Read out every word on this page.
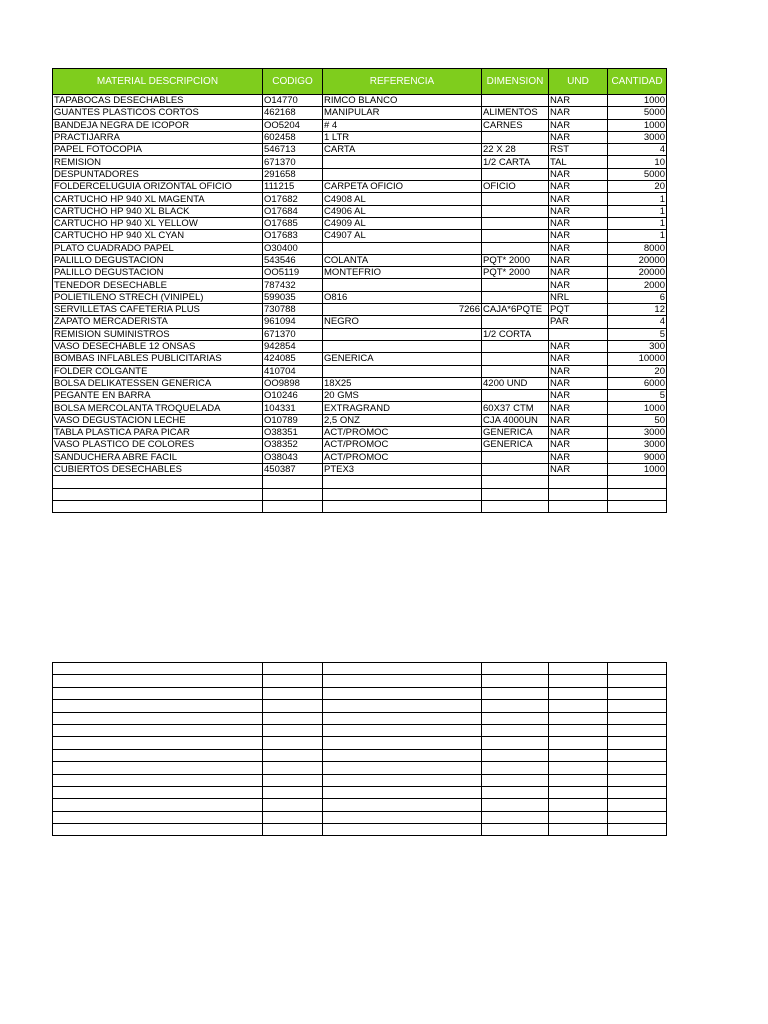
MATERIAL DESCRIPCION	CODIGO	REFERENCIA	DIMENSION	UND	CANTIDAD
TAPABOCAS DESECHABLES	O14770	RIMCO BLANCO		NAR	1000
GUANTES PLASTICOS CORTOS	462168	MANIPULAR	ALIMENTOS	NAR	5000
BANDEJA NEGRA DE ICOPOR	OO5204	# 4	CARNES	NAR	1000
PRACTIJARRA	602458	1 LTR		NAR	3000
PAPEL FOTOCOPIA	546713	CARTA	22 X 28	RST	4
REMISION	671370		1/2 CARTA	TAL	10
DESPUNTADORES	291658			NAR	5000
FOLDERCELUGUIA ORIZONTAL OFICIO	111215	CARPETA OFICIO	OFICIO	NAR	20
CARTUCHO HP 940 XL MAGENTA	O17682	C4908 AL		NAR	1
CARTUCHO HP 940 XL BLACK	O17684	C4906 AL		NAR	1
CARTUCHO HP 940 XL YELLOW	O17685	C4909 AL		NAR	1
CARTUCHO HP 940 XL CYAN	O17683	C4907 AL		NAR	1
PLATO CUADRADO PAPEL	O30400			NAR	8000
PALILLO DEGUSTACION	543546	COLANTA	PQT* 2000	NAR	20000
PALILLO DEGUSTACION	OO5119	MONTEFRIO	PQT* 2000	NAR	20000
TENEDOR DESECHABLE	787432			NAR	2000
POLIETILENO STRECH (VINIPEL)	599035	O816		NRL	6
SERVILLETAS CAFETERIA PLUS	730788	7266	CAJA*6PQTE	PQT	12
ZAPATO MERCADERISTA	961094	NEGRO		PAR	4
REMISION SUMINISTROS	671370		1/2 CORTA		5
VASO DESECHABLE 12 ONSAS	942854			NAR	300
BOMBAS INFLABLES PUBLICITARIAS	424085	GENERICA		NAR	10000
FOLDER COLGANTE	410704			NAR	20
BOLSA DELIKATESSEN GENERICA	OO9898	18X25	4200 UND	NAR	6000
PEGANTE EN BARRA	O10246	20 GMS		NAR	5
BOLSA MERCOLANTA TROQUELADA	104331	EXTRAGRAND	60X37 CTM	NAR	1000
VASO DEGUSTACION LECHE	O10789	2,5 ONZ	CJA 4000UN	NAR	50
TABLA PLASTICA PARA PICAR	O38351	ACT/PROMOC	GENERICA	NAR	3000
VASO PLASTICO DE COLORES	O38352	ACT/PROMOC	GENERICA	NAR	3000
SANDUCHERA ABRE FACIL	O38043	ACT/PROMOC		NAR	9000
CUBIERTOS DESECHABLES	450387	PTEX3		NAR	1000
